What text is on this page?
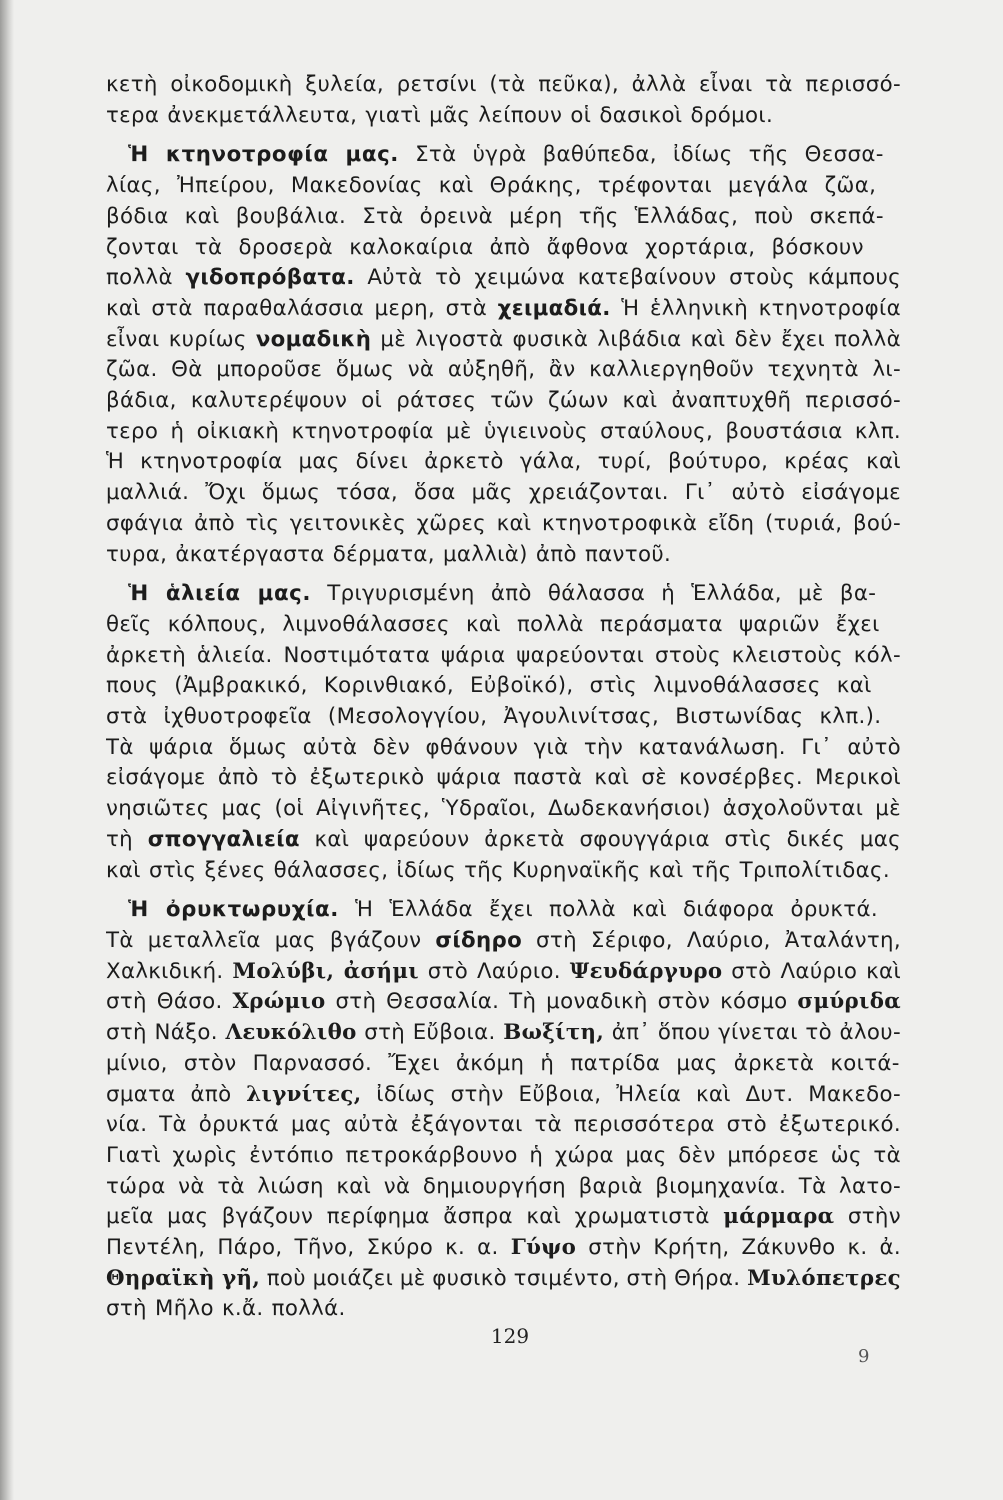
κετὴ οἰκοδομικὴ ξυλεία, ρετσίνι (τὰ πεῦκα), ἀλλὰ εἶναι τὰ περισσό-
τερα ἀνεκμετάλλευτα, γιατὶ μᾶς λείπουν οἱ δασικοὶ δρόμοι.
Ἡ κτηνοτροφία μας. Στὰ ὑγρὰ βαθύπεδα, ἰδίως τῆς Θεσσα-
λίας, Ἠπείρου, Μακεδονίας καὶ Θράκης, τρέφονται μεγάλα ζῶα,
βόδια καὶ βουβάλια. Στὰ ὀρεινὰ μέρη τῆς Ἑλλάδας, ποὺ σκεπά-
ζονται τὰ δροσερὰ καλοκαίρια ἀπὸ ἄφθονα χορτάρια, βόσκουν
πολλὰ γιδοπρόβατα. Αὐτὰ τὸ χειμώνα κατεβαίνουν στοὺς κάμπους
καὶ στὰ παραθαλάσσια μερη, στὰ χειμαδιά. Ἡ ἑλληνικὴ κτηνοτροφία
εἶναι κυρίως νομαδικὴ μὲ λιγοστὰ φυσικὰ λιβάδια καὶ δὲν ἔχει πολλὰ
ζῶα. Θὰ μποροῦσε ὅμως νὰ αὐξηθῆ, ἂν καλλιεργηθοῦν τεχνητὰ λι-
βάδια, καλυτερέψουν οἱ ράτσες τῶν ζώων καὶ ἀναπτυχθῆ περισσό-
τερο ἡ οἰκιακὴ κτηνοτροφία μὲ ὑγιεινοὺς σταύλους, βουστάσια κλπ.
Ἡ κτηνοτροφία μας δίνει ἀρκετὸ γάλα, τυρί, βούτυρο, κρέας καὶ
μαλλιά. Ὄχι ὅμως τόσα, ὅσα μᾶς χρειάζονται. Γι᾽ αὐτὸ εἰσάγομε
σφάγια ἀπὸ τὶς γειτονικὲς χῶρες καὶ κτηνοτροφικὰ εἴδη (τυριά, βού-
τυρα, ἀκατέργαστα δέρματα, μαλλιὰ) ἀπὸ παντοῦ.
Ἡ ἁλιεία μας. Τριγυρισμένη ἀπὸ θάλασσα ἡ Ἑλλάδα, μὲ βα-
θεῖς κόλπους, λιμνοθάλασσες καὶ πολλὰ περάσματα ψαριῶν ἔχει
ἀρκετὴ ἁλιεία. Νοστιμότατα ψάρια ψαρεύονται στοὺς κλειστοὺς κόλ-
πους (Ἀμβρακικό, Κορινθιακό, Εὐβοϊκό), στὶς λιμνοθάλασσες καὶ
στὰ ἰχθυοτροφεῖα (Μεσολογγίου, Ἀγουλινίτσας, Βιστωνίδας κλπ.).
Τὰ ψάρια ὅμως αὐτὰ δὲν φθάνουν γιὰ τὴν κατανάλωση. Γι᾽ αὐτὸ
εἰσάγομε ἀπὸ τὸ ἐξωτερικὸ ψάρια παστὰ καὶ σὲ κονσέρβες. Μερικοὶ
νησιῶτες μας (οἱ Αἰγινῆτες, Ὑδραῖοι, Δωδεκανήσιοι) ἀσχολοῦνται μὲ
τὴ σπογγαλιεία καὶ ψαρεύουν ἀρκετὰ σφουγγάρια στὶς δικές μας
καὶ στὶς ξένες θάλασσες, ἰδίως τῆς Κυρηναϊκῆς καὶ τῆς Τριπολίτιδας.
Ἡ ὀρυκτωρυχία. Ἡ Ἑλλάδα ἔχει πολλὰ καὶ διάφορα ὀρυκτά.
Τὰ μεταλλεῖα μας βγάζουν σίδηρο στὴ Σέριφο, Λαύριο, Ἀταλάντη,
Χαλκιδική. Μολύβι, ἀσήμι στὸ Λαύριο. Ψευδάργυρο στὸ Λαύριο καὶ
στὴ Θάσο. Χρώμιο στὴ Θεσσαλία. Τὴ μοναδικὴ στὸν κόσμο σμύριδα
στὴ Νάξο. Λευκόλιθο στὴ Εὔβοια. Βωξίτη, ἀπ᾽ ὅπου γίνεται τὸ ἀλου-
μίνιο, στὸν Παρνασσό. Ἔχει ἀκόμη ἡ πατρίδα μας ἀρκετὰ κοιτά-
σματα ἀπὸ λιγνίτες, ἰδίως στὴν Εὔβοια, Ἠλεία καὶ Δυτ. Μακεδο-
νία. Τὰ ὀρυκτά μας αὐτὰ ἐξάγονται τὰ περισσότερα στὸ ἐξωτερικό.
Γιατὶ χωρὶς ἐντόπιο πετροκάρβουνο ἡ χώρα μας δὲν μπόρεσε ὡς τὰ
τώρα νὰ τὰ λιώση καὶ νὰ δημιουργήση βαριὰ βιομηχανία. Τὰ λατο-
μεῖα μας βγάζουν περίφημα ἄσπρα καὶ χρωματιστὰ μάρμαρα στὴν
Πεντέλη, Πάρο, Τῆνο, Σκύρο κ. α. Γύψο στὴν Κρήτη, Ζάκυνθο κ. ἀ.
Θηραϊκὴ γῆ, ποὺ μοιάζει μὲ φυσικὸ τσιμέντο, στὴ Θήρα. Μυλόπετρες
στὴ Μῆλο κ.ἄ. πολλά.
129
9
